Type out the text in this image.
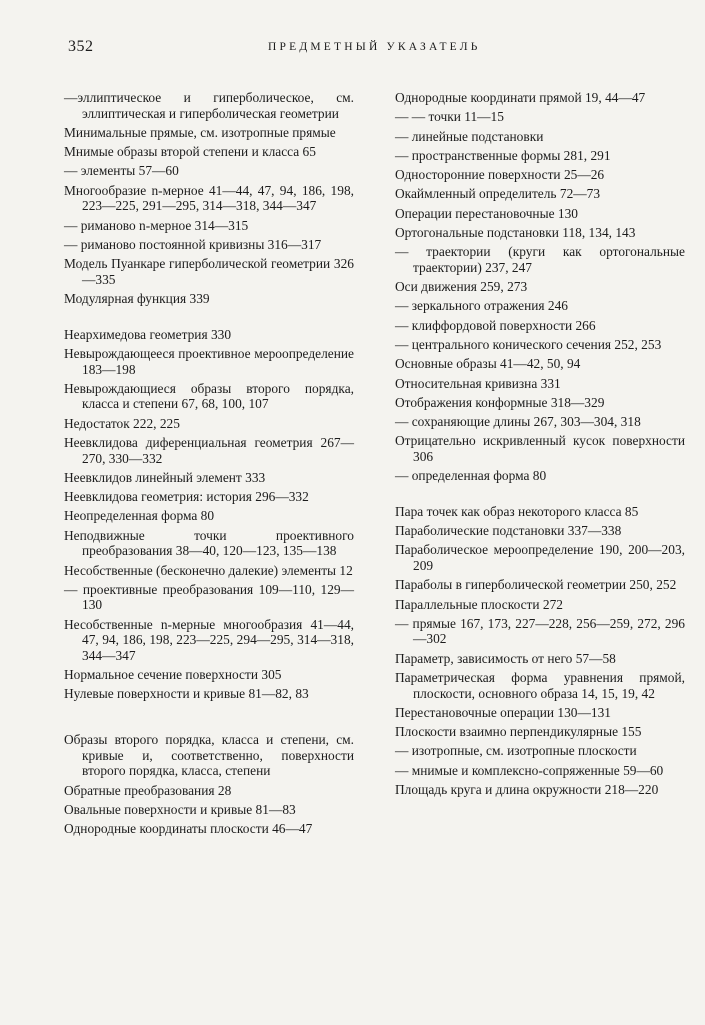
352	ПРЕДМЕТНЫЙ УКАЗАТЕЛЬ

—эллиптическое и гиперболическое, см. эллиптическая и гиперболическая геометрии

Минимальные прямые, см. изотропные прямые

Мнимые образы второй степени и класса 65

— элементы 57—60

Многообразие n-мерное 41—44, 47, 94, 186, 198, 223—225, 291—295, 314—318, 344—347

— риманово n-мерное 314—315

— риманово постоянной кривизны 316—317

Модель Пуанкаре гиперболической геометрии 326—335

Модулярная функция 339

Неархимедова геометрия 330

Невырождающееся проективное мероопределение 183—198

Невырождающиеся образы второго порядка, класса и степени 67, 68, 100, 107

Недостаток 222, 225

Неевклидова диференциальная геометрия 267—270, 330—332

Неевклидов линейный элемент 333

Неевклидова геометрия: история 296—332

Неопределенная форма 80

Неподвижные точки проективного преобразования 38—40, 120—123, 135—138

Несобственные (бесконечно далекие) элементы 12

— проективные преобразования 109—110, 129—130

Несобственные n-мерные многообразия 41—44, 47, 94, 186, 198, 223—225, 294—295, 314—318, 344—347

Нормальное сечение поверхности 305

Нулевые поверхности и кривые 81—82, 83

Образы второго порядка, класса и степени, см. кривые и, соответственно, поверхности второго порядка, класса, степени

Обратные преобразования 28

Овальные поверхности и кривые 81—83

Однородные координаты плоскости 46—47

Однородные координати прямой 19, 44—47

— — точки 11—15

— линейные подстановки

— пространственные формы 281, 291

Односторонние поверхности 25—26

Окаймленный определитель 72—73

Операции перестановочные 130

Ортогональные подстановки 118, 134, 143

— траектории (круги как ортогональные траектории) 237, 247

Оси движения 259, 273

— зеркального отражения 246

— клиффордовой поверхности 266

— центрального конического сечения 252, 253

Основные образы 41—42, 50, 94

Относительная кривизна 331

Отображения конформные 318—329

— сохраняющие длины 267, 303—304, 318

Отрицательно искривленный кусок поверхности 306

— определенная форма 80

Пара точек как образ некоторого класса 85

Параболические подстановки 337—338

Параболическое мероопределение 190, 200—203, 209

Параболы в гиперболической геометрии 250, 252

Параллельные плоскости 272

— прямые 167, 173, 227—228, 256—259, 272, 296—302

Параметр, зависимость от него 57—58

Параметрическая форма уравнения прямой, плоскости, основного образа 14, 15, 19, 42

Перестановочные операции 130—131

Плоскости взаимно перпендикулярные 155

— изотропные, см. изотропные плоскости

— мнимые и комплексно-сопряженные 59—60

Площадь круга и длина окружности 218—220
